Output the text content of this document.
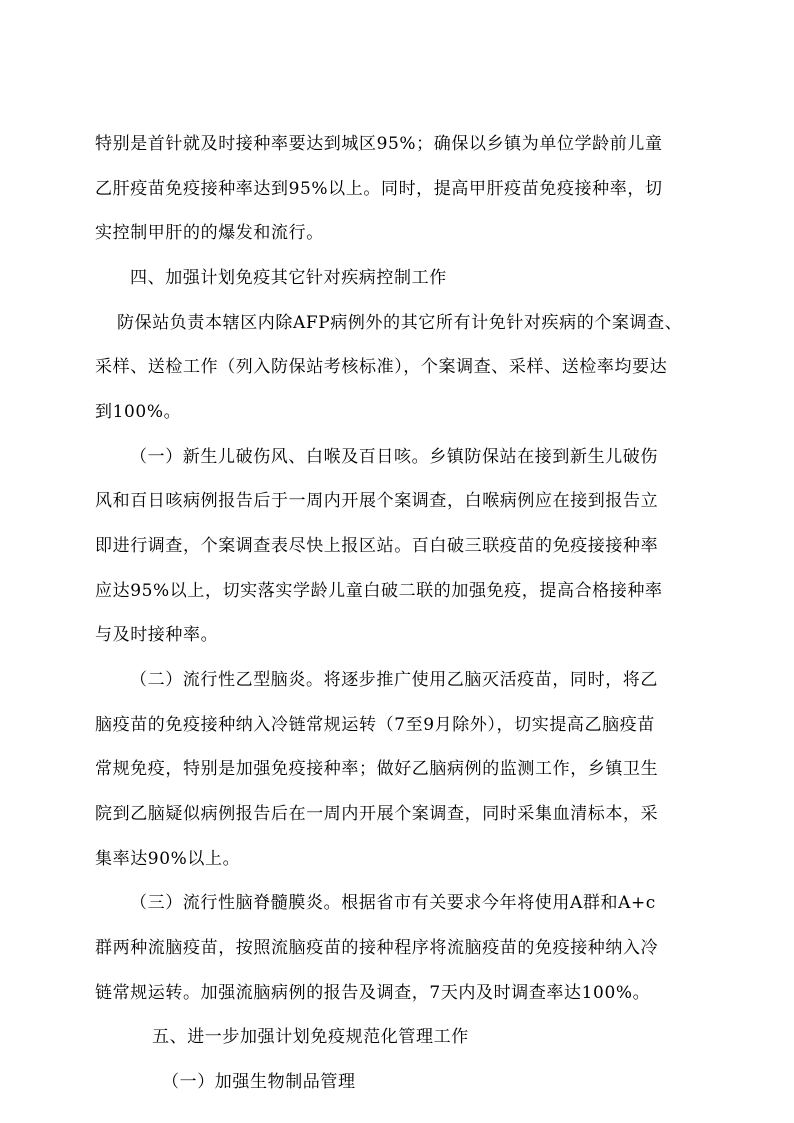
特别是首针就及时接种率要达到城区95%；确保以乡镇为单位学龄前儿童
乙肝疫苗免疫接种率达到95%以上。同时，提高甲肝疫苗免疫接种率，切
实控制甲肝的的爆发和流行。
四、加强计划免疫其它针对疾病控制工作
防保站负责本辖区内除AFP病例外的其它所有计免针对疾病的个案调查、
采样、送检工作（列入防保站考核标准），个案调查、采样、送检率均要达
到100%。
（一）新生儿破伤风、白喉及百日咳。乡镇防保站在接到新生儿破伤
风和百日咳病例报告后于一周内开展个案调查，白喉病例应在接到报告立
即进行调查，个案调查表尽快上报区站。百白破三联疫苗的免疫接接种率
应达95%以上，切实落实学龄儿童白破二联的加强免疫，提高合格接种率
与及时接种率。
（二）流行性乙型脑炎。将逐步推广使用乙脑灭活疫苗，同时，将乙
脑疫苗的免疫接种纳入冷链常规运转（7至9月除外），切实提高乙脑疫苗
常规免疫，特别是加强免疫接种率；做好乙脑病例的监测工作，乡镇卫生
院到乙脑疑似病例报告后在一周内开展个案调查，同时采集血清标本，采
集率达90%以上。
（三）流行性脑脊髓膜炎。根据省市有关要求今年将使用A群和A+c
群两种流脑疫苗，按照流脑疫苗的接种程序将流脑疫苗的免疫接种纳入冷
链常规运转。加强流脑病例的报告及调查，7天内及时调查率达100%。
五、进一步加强计划免疫规范化管理工作
（一）加强生物制品管理
